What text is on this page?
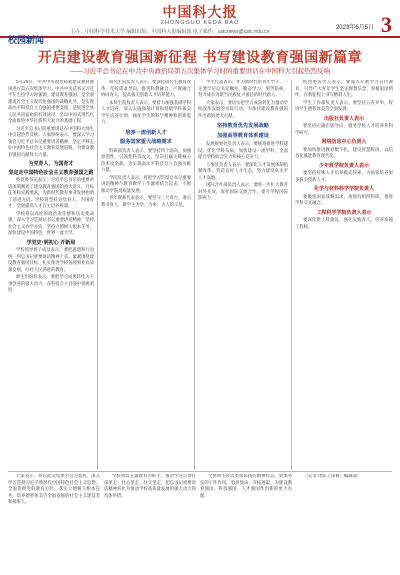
中国科大报
ZHONGGUO KEDA BAO
主办：中国科学技术大学 编辑出版：中国科大报编辑部 电子邮件：ustcnews@ustc.edu.cn
2023年6月5日 3
校园新闻
开启建设教育强国新征程 书写建设教育强国新篇章
——习近平总书记在中共中央政治局第五次集体学习时的重要讲话在中国科大引起热烈反响

5月29日，中共中央政治局就建设教育强国进行第五次集体学习。中共中央总书记习近平在主持学习时强调，建设教育强国，是全面建成社会主义现代化强国的战略先导，是实现高水平科技自立自强的重要支撑，是促进全体人民共同富裕的有效途径，是以中国式现代化全面推进中华民族伟大复兴的基础工程。

习近平总书记的重要讲话在中国科大师生中引起热烈反响。大家纷纷表示，要深入学习领会习近平总书记重要讲话精神，坚定不移走好中国特色社会主义教育发展道路，为建设教育强国贡献科大力量。

为党育人、为国育才
坚定走中国特色社会主义教育强国之路

校党委书记表示，习近平总书记的重要讲话深刻阐述了建设教育强国的重大意义、目标任务和实践要求，为新时代教育事业发展指明了前进方向。学校将坚持为党育人、为国育才，全面提高人才自主培养质量。

学校将以高度的政治责任感和历史使命感，深入学习贯彻总书记重要讲话精神，坚持社会主义办学方向，坚持立德树人根本任务，加快建设中国特色、世界一流大学。

学党史·明初心 开新局

学校领导班子成员表示，要把思想和行动统一到总书记重要讲话精神上来，紧紧围绕建设教育强国目标，扎实推进学校各项事业高质量发展，办好人民满意的教育。

师生们纷纷表示，要把学习成果转化为干事创业的强大动力，在科技自立自强中勇挑重担。

研究生院负责人表示，要深化研究生教育改革，坚持需求导向，推进科教融合、产教融合协同育人，提高拔尖创新人才培养能力。

本科生院负责人表示，要着力加强基础学科人才培养，深入实施强基计划和基础学科拔尖学生培养计划，强化学生的科学精神和创新能力。

培养一流创新人才
服务国家重大战略需求

科研部负责人表示，要坚持四个面向，加强原创性、引领性科技攻关，坚决打赢关键核心技术攻坚战，为实现高水平科技自立自强贡献力量。

学院负责人表示，将把学习贯彻总书记重要讲话精神与教育教学工作紧密结合起来，不断推动学院高质量发展。

青年教师代表表示，要坚守三尺讲台，潜心教书育人，做学生为学、为事、为人的示范。

学生代表表示，作为新时代的青年学子，一定要牢记总书记嘱托，勤奋学习，刻苦钻研，努力成长为堪当民族复兴重任的时代新人。

大家表示，要切实把学习成效转化为推动学校改革发展的实际行动，为加快建设教育强国作出新的更大贡献。

坚持教育优先发展战略
加强高等教育体系建设

发展规划处负责人表示，要统筹推进学科建设，优化学科布局，加快建设一流学科，全面提升学校综合实力和核心竞争力。

人事处负责人表示，要深化人才发展体制机制改革，营造良好人才生态，努力建设高水平人才高地。

国际合作部负责人表示，要进一步扩大教育对外开放，深化国际交流合作，提升学校国际影响力。

校团委负责人表示，要深入开展学习宣传教育，引导广大青年学生坚定理想信念，厚植家国情怀，在新征程上书写精彩人生。

学生工作部负责人表示，要坚持五育并举，促进学生德智体美劳全面发展。

出版社负责人表示

要坚持正确出版导向，服务学校人才培养和科学研究。

网络信息中心负责人

要加快推进教育数字化，建设智慧校园，以信息化赋能教育现代化。

少年班学院负责人表示

要坚持特殊人才培养模式探索，为国家培养更多拔尖创新人才。

化学与材料科学学院负责人

要聚焦国家战略需求，加强有组织科研，推进学科交叉融合。

工程科学学院负责人表示

要深化新工科建设，强化实践育人，培养卓越工程师。

大家表示，将以此次集体学习为契机，深入学习贯彻习近平新时代中国特色社会主义思想，全面贯彻党的教育方针，落实立德树人根本任务，培养德智体美劳全面发展的社会主义建设者和接班人。

学校将以主题教育为抓手，推动学习贯彻往深里走、往心里走、往实里走，把总书记重要讲话精神转化为推动学校高质量发展的强大动力和具体举措。

全体师生将以更加昂扬的精神状态、更加务实的工作作风，勇担使命、开拓进取，为建设教育强国、科技强国、人才强国作出新的更大贡献。

（记者 团队 / 审核：编辑部）
